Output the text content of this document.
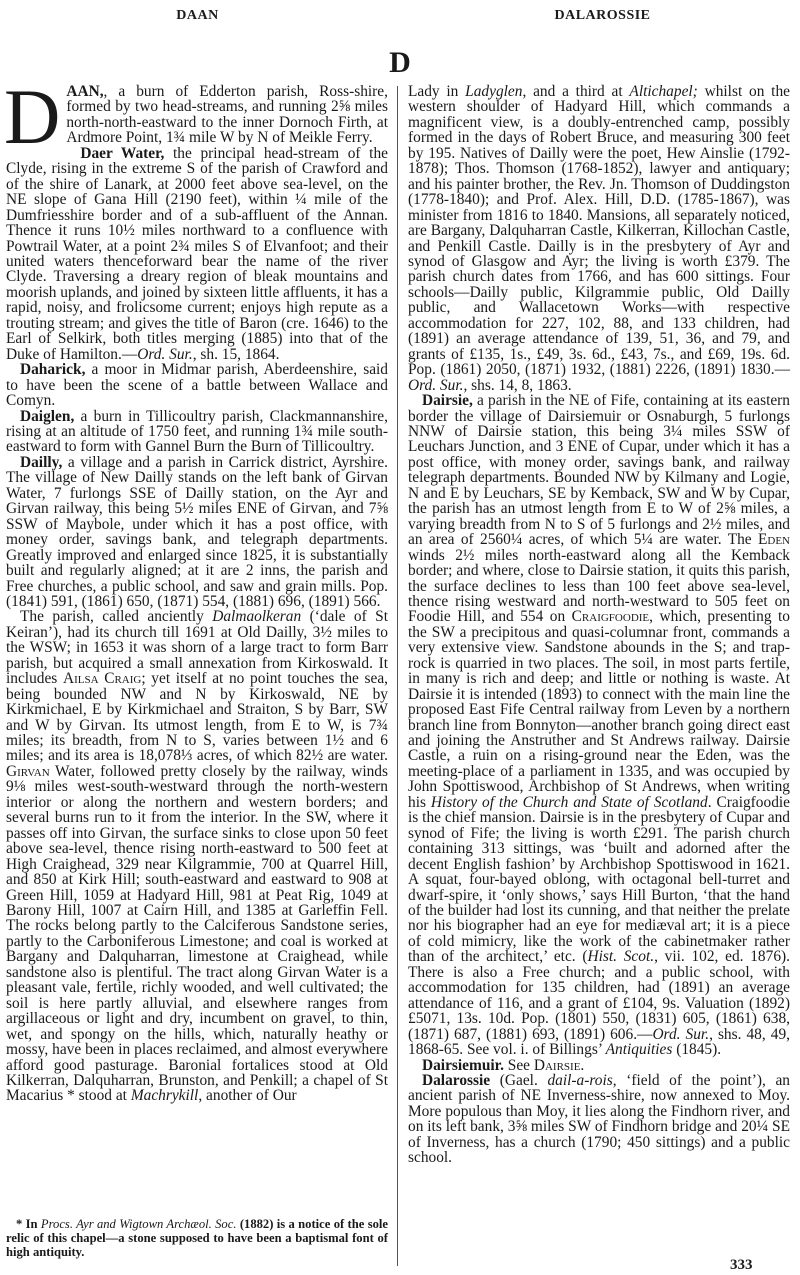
DAAN	DALAROSSIE
D

DAAN,, a burn of Edderton parish, Ross-shire, formed by two head-streams, and running 2⅝ miles north-north-eastward to the inner Dornoch Firth, at Ardmore Point, 1¾ mile W by N of Meikle Ferry.

Daer Water, the principal head-stream of the Clyde, rising in the extreme S of the parish of Crawford and of the shire of Lanark, at 2000 feet above sea-level, on the NE slope of Gana Hill (2190 feet), within ¼ mile of the Dumfriesshire border and of a sub-affluent of the Annan. Thence it runs 10½ miles northward to a confluence with Powtrail Water, at a point 2¾ miles S of Elvanfoot; and their united waters thenceforward bear the name of the river Clyde. Traversing a dreary region of bleak mountains and moorish uplands, and joined by sixteen little affluents, it has a rapid, noisy, and frolicsome current; enjoys high repute as a trouting stream; and gives the title of Baron (cre. 1646) to the Earl of Selkirk, both titles merging (1885) into that of the Duke of Hamilton.—Ord. Sur., sh. 15, 1864.

Daharick, a moor in Midmar parish, Aberdeenshire, said to have been the scene of a battle between Wallace and Comyn.

Daiglen, a burn in Tillicoultry parish, Clackmannanshire, rising at an altitude of 1750 feet, and running 1¾ mile south-eastward to form with Gannel Burn the Burn of Tillicoultry.

Dailly, a village and a parish in Carrick district, Ayrshire. The village of New Dailly stands on the left bank of Girvan Water, 7 furlongs SSE of Dailly station, on the Ayr and Girvan railway, this being 5½ miles ENE of Girvan, and 7⅝ SSW of Maybole, under which it has a post office, with money order, savings bank, and telegraph departments. Greatly improved and enlarged since 1825, it is substantially built and regularly aligned; at it are 2 inns, the parish and Free churches, a public school, and saw and grain mills. Pop. (1841) 591, (1861) 650, (1871) 554, (1881) 696, (1891) 566.

The parish, called anciently Dalmaolkeran (‘dale of St Keiran’), had its church till 1691 at Old Dailly, 3½ miles to the WSW; in 1653 it was shorn of a large tract to form Barr parish, but acquired a small annexation from Kirkoswald. It includes Ailsa Craig; yet itself at no point touches the sea, being bounded NW and N by Kirkoswald, NE by Kirkmichael, E by Kirkmichael and Straiton, S by Barr, SW and W by Girvan. Its utmost length, from E to W, is 7¾ miles; its breadth, from N to S, varies between 1½ and 6 miles; and its area is 18,078⅓ acres, of which 82½ are water. Girvan Water, followed pretty closely by the railway, winds 9⅛ miles west-south-westward through the north-western interior or along the northern and western borders; and several burns run to it from the interior. In the SW, where it passes off into Girvan, the surface sinks to close upon 50 feet above sea-level, thence rising north-eastward to 500 feet at High Craighead, 329 near Kilgrammie, 700 at Quarrel Hill, and 850 at Kirk Hill; south-eastward and eastward to 908 at Green Hill, 1059 at Hadyard Hill, 981 at Peat Rig, 1049 at Barony Hill, 1007 at Cairn Hill, and 1385 at Garleffin Fell. The rocks belong partly to the Calciferous Sandstone series, partly to the Carboniferous Limestone; and coal is worked at Bargany and Dalquharran, limestone at Craighead, while sandstone also is plentiful. The tract along Girvan Water is a pleasant vale, fertile, richly wooded, and well cultivated; the soil is here partly alluvial, and elsewhere ranges from argillaceous or light and dry, incumbent on gravel, to thin, wet, and spongy on the hills, which, naturally heathy or mossy, have been in places reclaimed, and almost everywhere afford good pasturage. Baronial fortalices stood at Old Kilkerran, Dalquharran, Brunston, and Penkill; a chapel of St Macarius * stood at Machrykill, another of Our

Lady in Ladyglen, and a third at Altichapel; whilst on the western shoulder of Hadyard Hill, which commands a magnificent view, is a doubly-entrenched camp, possibly formed in the days of Robert Bruce, and measuring 300 feet by 195. Natives of Dailly were the poet, Hew Ainslie (1792-1878); Thos. Thomson (1768-1852), lawyer and antiquary; and his painter brother, the Rev. Jn. Thomson of Duddingston (1778-1840); and Prof. Alex. Hill, D.D. (1785-1867), was minister from 1816 to 1840. Mansions, all separately noticed, are Bargany, Dalquharran Castle, Kilkerran, Killochan Castle, and Penkill Castle. Dailly is in the presbytery of Ayr and synod of Glasgow and Ayr; the living is worth £379. The parish church dates from 1766, and has 600 sittings. Four schools—Dailly public, Kilgrammie public, Old Dailly public, and Wallacetown Works—with respective accommodation for 227, 102, 88, and 133 children, had (1891) an average attendance of 139, 51, 36, and 79, and grants of £135, 1s., £49, 3s. 6d., £43, 7s., and £69, 19s. 6d. Pop. (1861) 2050, (1871) 1932, (1881) 2226, (1891) 1830.—Ord. Sur., shs. 14, 8, 1863.

Dairsie, a parish in the NE of Fife, containing at its eastern border the village of Dairsiemuir or Osnaburgh, 5 furlongs NNW of Dairsie station, this being 3¼ miles SSW of Leuchars Junction, and 3 ENE of Cupar, under which it has a post office, with money order, savings bank, and railway telegraph departments. Bounded NW by Kilmany and Logie, N and E by Leuchars, SE by Kemback, SW and W by Cupar, the parish has an utmost length from E to W of 2⅝ miles, a varying breadth from N to S of 5 furlongs and 2½ miles, and an area of 2560¼ acres, of which 5¼ are water. The Eden winds 2½ miles north-eastward along all the Kemback border; and where, close to Dairsie station, it quits this parish, the surface declines to less than 100 feet above sea-level, thence rising westward and north-westward to 505 feet on Foodie Hill, and 554 on Craigfoodie, which, presenting to the SW a precipitous and quasi-columnar front, commands a very extensive view. Sandstone abounds in the S; and trap-rock is quarried in two places. The soil, in most parts fertile, in many is rich and deep; and little or nothing is waste. At Dairsie it is intended (1893) to connect with the main line the proposed East Fife Central railway from Leven by a northern branch line from Bonnyton—another branch going direct east and joining the Anstruther and St Andrews railway. Dairsie Castle, a ruin on a rising-ground near the Eden, was the meeting-place of a parliament in 1335, and was occupied by John Spottiswood, Archbishop of St Andrews, when writing his History of the Church and State of Scotland. Craigfoodie is the chief mansion. Dairsie is in the presbytery of Cupar and synod of Fife; the living is worth £291. The parish church containing 313 sittings, was ‘built and adorned after the decent English fashion’ by Archbishop Spottiswood in 1621. A squat, four-bayed oblong, with octagonal bell-turret and dwarf-spire, it ‘only shows,’ says Hill Burton, ‘that the hand of the builder had lost its cunning, and that neither the prelate nor his biographer had an eye for mediæval art; it is a piece of cold mimicry, like the work of the cabinetmaker rather than of the architect,’ etc. (Hist. Scot., vii. 102, ed. 1876). There is also a Free church; and a public school, with accommodation for 135 children, had (1891) an average attendance of 116, and a grant of £104, 9s. Valuation (1892) £5071, 13s. 10d. Pop. (1801) 550, (1831) 605, (1861) 638, (1871) 687, (1881) 693, (1891) 606.—Ord. Sur., shs. 48, 49, 1868-65. See vol. i. of Billings’ Antiquities (1845).

Dairsiemuir. See Dairsie.

Dalarossie (Gael. dail-a-rois, ‘field of the point’), an ancient parish of NE Inverness-shire, now annexed to Moy. More populous than Moy, it lies along the Findhorn river, and on its left bank, 3⅝ miles SW of Findhorn bridge and 20¼ SE of Inverness, has a church (1790; 450 sittings) and a public school.

* In Procs. Ayr and Wigtown Archæol. Soc. (1882) is a notice of the sole relic of this chapel—a stone supposed to have been a baptismal font of high antiquity.

333
